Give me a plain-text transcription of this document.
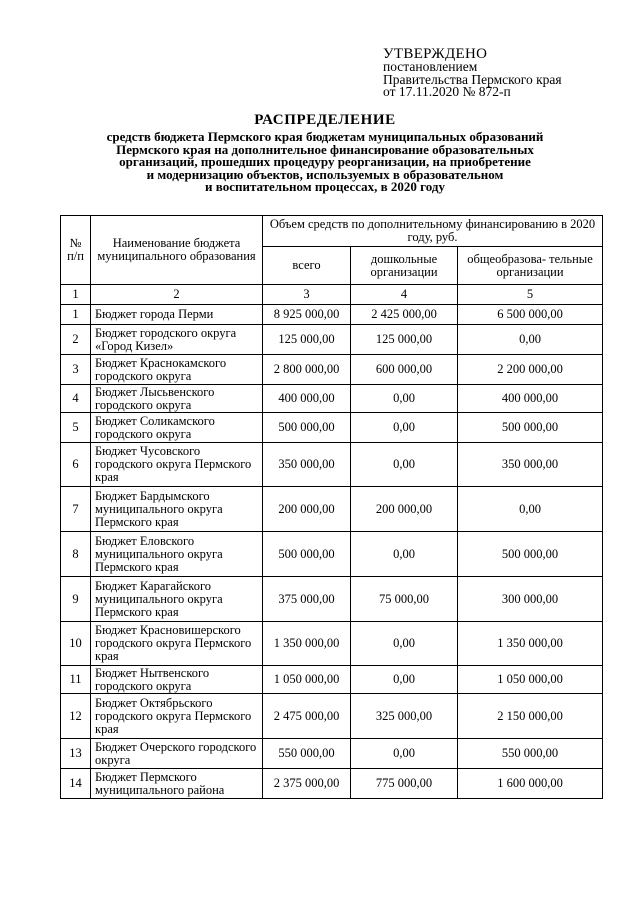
УТВЕРЖДЕНО
постановлением
Правительства Пермского края
от 17.11.2020 № 872-п
РАСПРЕДЕЛЕНИЕ
средств бюджета Пермского края бюджетам муниципальных образований
Пермского края на дополнительное финансирование образовательных
организаций, прошедших процедуру реорганизации, на приобретение
и модернизацию объектов, используемых в образовательном
и воспитательном процессах, в 2020 году
№ п/п	Наименование бюджета муниципального образования	Объем средств по дополнительному финансированию в 2020 году, руб.		
		всего	дошкольные организации	общеобразова- тельные организации
1	2	3	4	5
1	Бюджет города Перми	8 925 000,00	2 425 000,00	6 500 000,00
2	Бюджет городского округа «Город Кизел»	125 000,00	125 000,00	0,00
3	Бюджет Краснокамского городского округа	2 800 000,00	600 000,00	2 200 000,00
4	Бюджет Лысьвенского городского округа	400 000,00	0,00	400 000,00
5	Бюджет Соликамского городского округа	500 000,00	0,00	500 000,00
6	Бюджет Чусовского городского округа Пермского края	350 000,00	0,00	350 000,00
7	Бюджет Бардымского муниципального округа Пермского края	200 000,00	200 000,00	0,00
8	Бюджет Еловского муниципального округа Пермского края	500 000,00	0,00	500 000,00
9	Бюджет Карагайского муниципального округа Пермского края	375 000,00	75 000,00	300 000,00
10	Бюджет Красновишерского городского округа Пермского края	1 350 000,00	0,00	1 350 000,00
11	Бюджет Нытвенского городского округа	1 050 000,00	0,00	1 050 000,00
12	Бюджет Октябрьского городского округа Пермского края	2 475 000,00	325 000,00	2 150 000,00
13	Бюджет Очерского городского округа	550 000,00	0,00	550 000,00
14	Бюджет Пермского муниципального района	2 375 000,00	775 000,00	1 600 000,00
